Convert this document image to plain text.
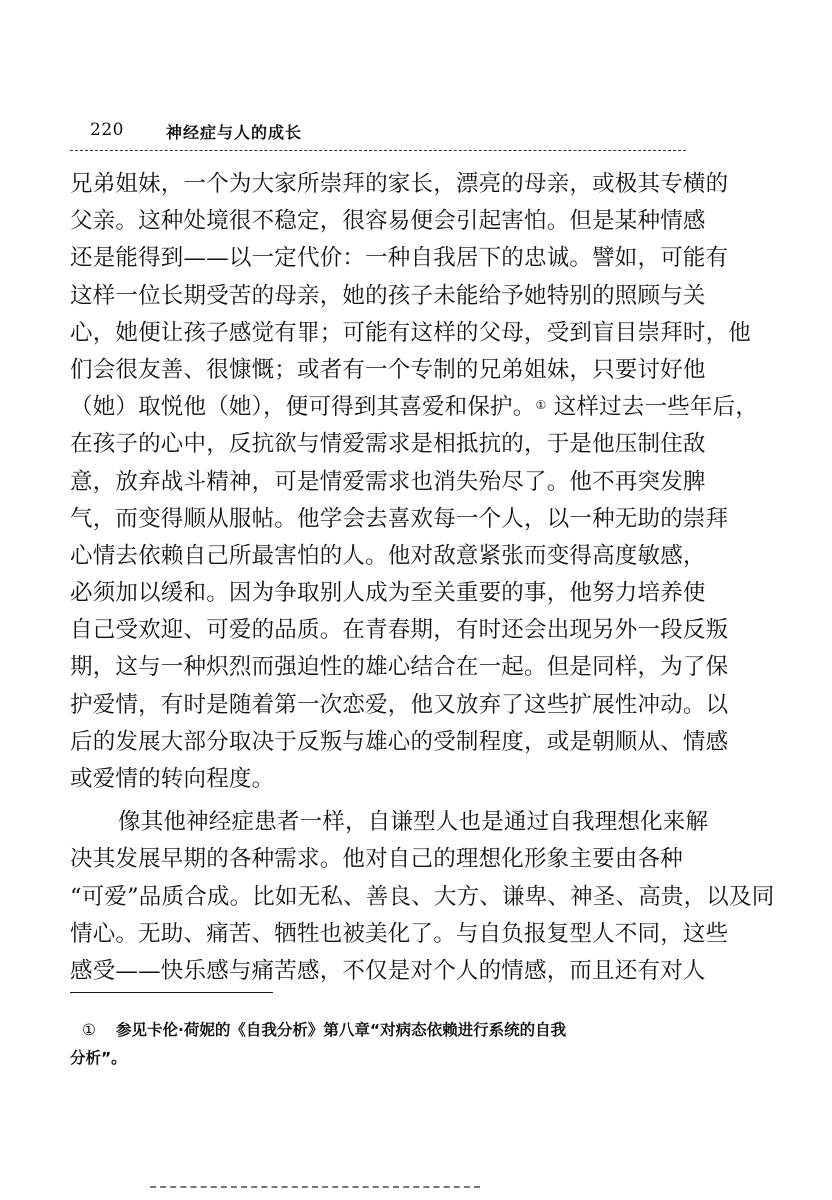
220	神经症与人的成长
兄弟姐妹，一个为大家所崇拜的家长，漂亮的母亲，或极其专横的
父亲。这种处境很不稳定，很容易便会引起害怕。但是某种情感
还是能得到——以一定代价：一种自我居下的忠诚。譬如，可能有
这样一位长期受苦的母亲，她的孩子未能给予她特别的照顾与关
心，她便让孩子感觉有罪；可能有这样的父母，受到盲目崇拜时，他
们会很友善、很慷慨；或者有一个专制的兄弟姐妹，只要讨好他
（她）取悦他（她），便可得到其喜爱和保护。① 这样过去一些年后，
在孩子的心中，反抗欲与情爱需求是相抵抗的，于是他压制住敌
意，放弃战斗精神，可是情爱需求也消失殆尽了。他不再突发脾
气，而变得顺从服帖。他学会去喜欢每一个人，以一种无助的崇拜
心情去依赖自己所最害怕的人。他对敌意紧张而变得高度敏感，
必须加以缓和。因为争取别人成为至关重要的事，他努力培养使
自己受欢迎、可爱的品质。在青春期，有时还会出现另外一段反叛
期，这与一种炽烈而强迫性的雄心结合在一起。但是同样，为了保
护爱情，有时是随着第一次恋爱，他又放弃了这些扩展性冲动。以
后的发展大部分取决于反叛与雄心的受制程度，或是朝顺从、情感
或爱情的转向程度。
像其他神经症患者一样，自谦型人也是通过自我理想化来解
决其发展早期的各种需求。他对自己的理想化形象主要由各种
“可爱”品质合成。比如无私、善良、大方、谦卑、神圣、高贵，以及同
情心。无助、痛苦、牺牲也被美化了。与自负报复型人不同，这些
感受——快乐感与痛苦感，不仅是对个人的情感，而且还有对人
① 参见卡伦·荷妮的《自我分析》第八章“对病态依赖进行系统的自我
分析”。
